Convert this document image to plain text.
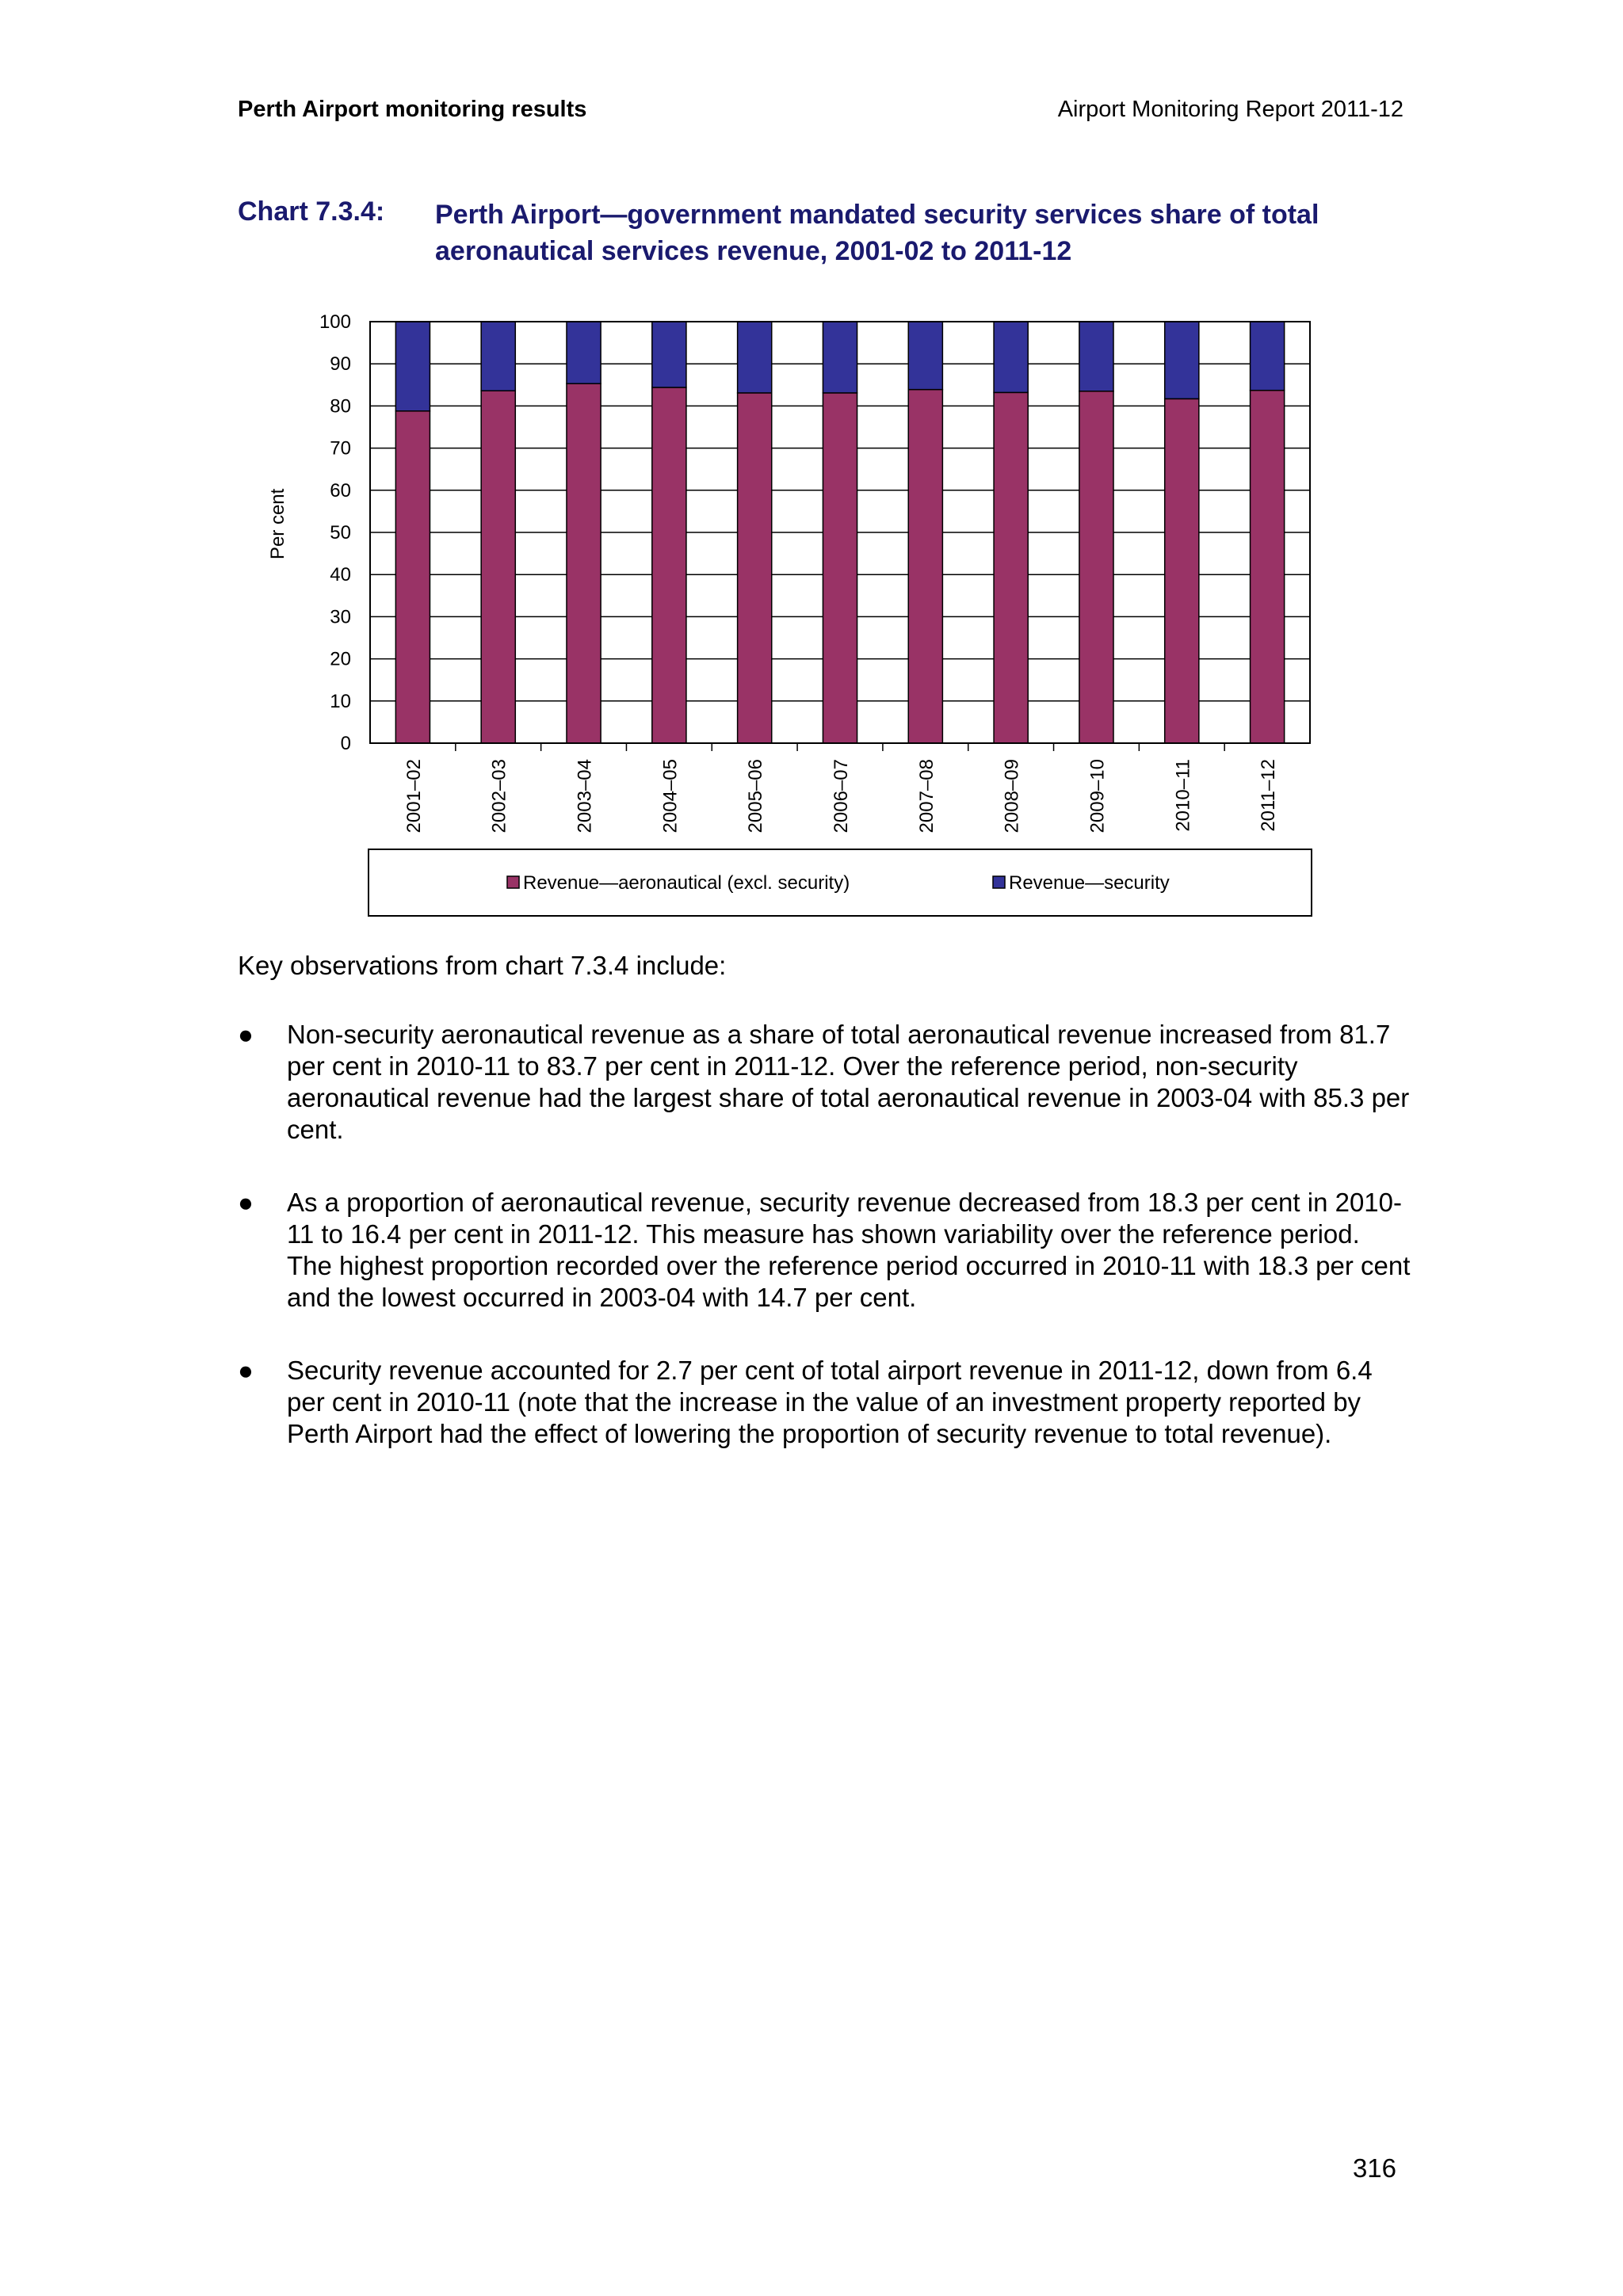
Perth Airport monitoring results	Airport Monitoring Report 2011-12
Chart 7.3.4: Perth Airport—government mandated security services share of total aeronautical services revenue, 2001-02 to 2011-12
0
10
20
30
40
50
60
70
80
90
100
2001–02	2002–03	2003–04	2004–05	2005–06	2006–07	2007–08	2008–09	2009–10	2010–11	2011–12
Per cent
Revenue—aeronautical (excl. security)	Revenue—security
Key observations from chart 7.3.4 include:
● Non-security aeronautical revenue as a share of total aeronautical revenue increased from 81.7 per cent in 2010-11 to 83.7 per cent in 2011-12. Over the reference period, non-security aeronautical revenue had the largest share of total aeronautical revenue in 2003-04 with 85.3 per cent.
● As a proportion of aeronautical revenue, security revenue decreased from 18.3 per cent in 2010-11 to 16.4 per cent in 2011-12. This measure has shown variability over the reference period. The highest proportion recorded over the reference period occurred in 2010-11 with 18.3 per cent and the lowest occurred in 2003-04 with 14.7 per cent.
● Security revenue accounted for 2.7 per cent of total airport revenue in 2011-12, down from 6.4 per cent in 2010-11 (note that the increase in the value of an investment property reported by Perth Airport had the effect of lowering the proportion of security revenue to total revenue).
316
